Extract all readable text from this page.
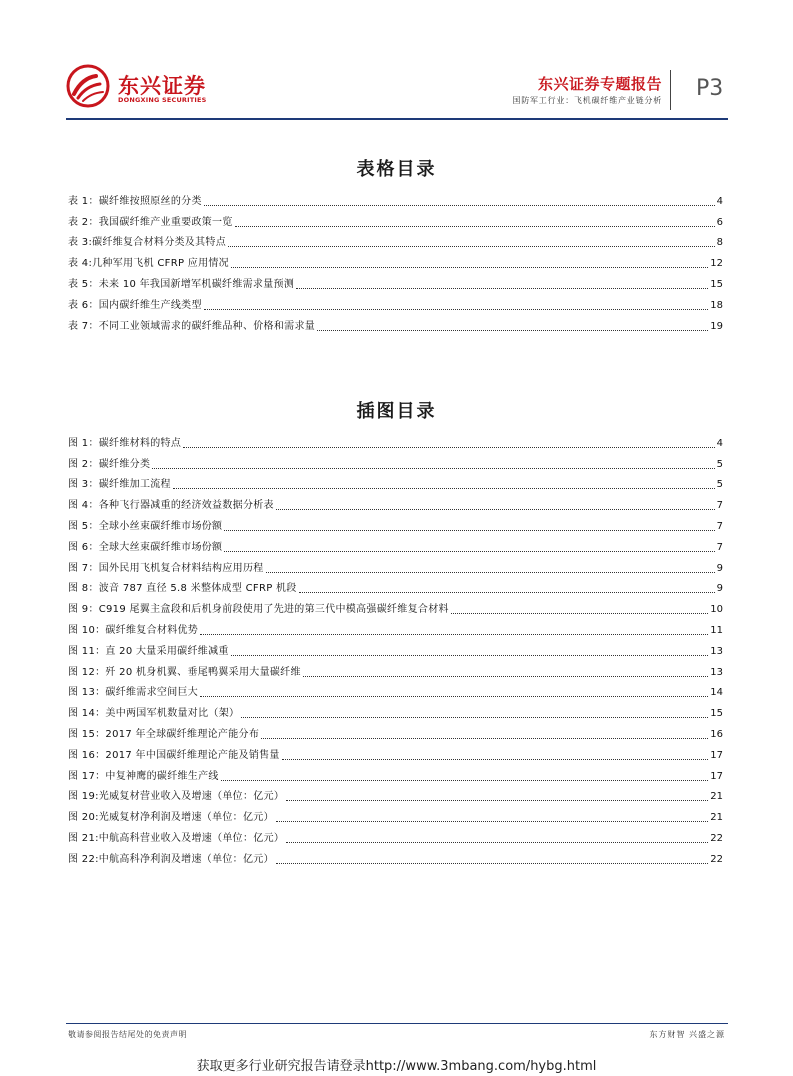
东兴证券
DONGXING SECURITIES
东兴证券专题报告
国防军工行业：飞机碳纤维产业链分析 P3
表格目录
表 1：碳纤维按照原丝的分类	4
表 2：我国碳纤维产业重要政策一览	6
表 3:碳纤维复合材料分类及其特点	8
表 4:几种军用飞机 CFRP 应用情况	12
表 5：未来 10 年我国新增军机碳纤维需求量预测	15
表 6：国内碳纤维生产线类型	18
表 7：不同工业领域需求的碳纤维品种、价格和需求量	19
插图目录
图 1：碳纤维材料的特点	4
图 2：碳纤维分类	5
图 3：碳纤维加工流程	5
图 4：各种飞行器减重的经济效益数据分析表	7
图 5：全球小丝束碳纤维市场份额	7
图 6：全球大丝束碳纤维市场份额	7
图 7：国外民用飞机复合材料结构应用历程	9
图 8：波音 787 直径 5.8 米整体成型 CFRP 机段	9
图 9：C919 尾翼主盒段和后机身前段使用了先进的第三代中模高强碳纤维复合材料	10
图 10：碳纤维复合材料优势	11
图 11：直 20 大量采用碳纤维减重	13
图 12：歼 20 机身机翼、垂尾鸭翼采用大量碳纤维	13
图 13：碳纤维需求空间巨大	14
图 14：美中两国军机数量对比（架）	15
图 15：2017 年全球碳纤维理论产能分布	16
图 16：2017 年中国碳纤维理论产能及销售量	17
图 17：中复神鹰的碳纤维生产线	17
图 19:光威复材营业收入及增速（单位：亿元）	21
图 20:光威复材净利润及增速（单位：亿元）	21
图 21:中航高科营业收入及增速（单位：亿元）	22
图 22:中航高科净利润及增速（单位：亿元）	22
敬请参阅报告结尾处的免责声明	东方财智 兴盛之源
获取更多行业研究报告请登录http://www.3mbang.com/hybg.html
